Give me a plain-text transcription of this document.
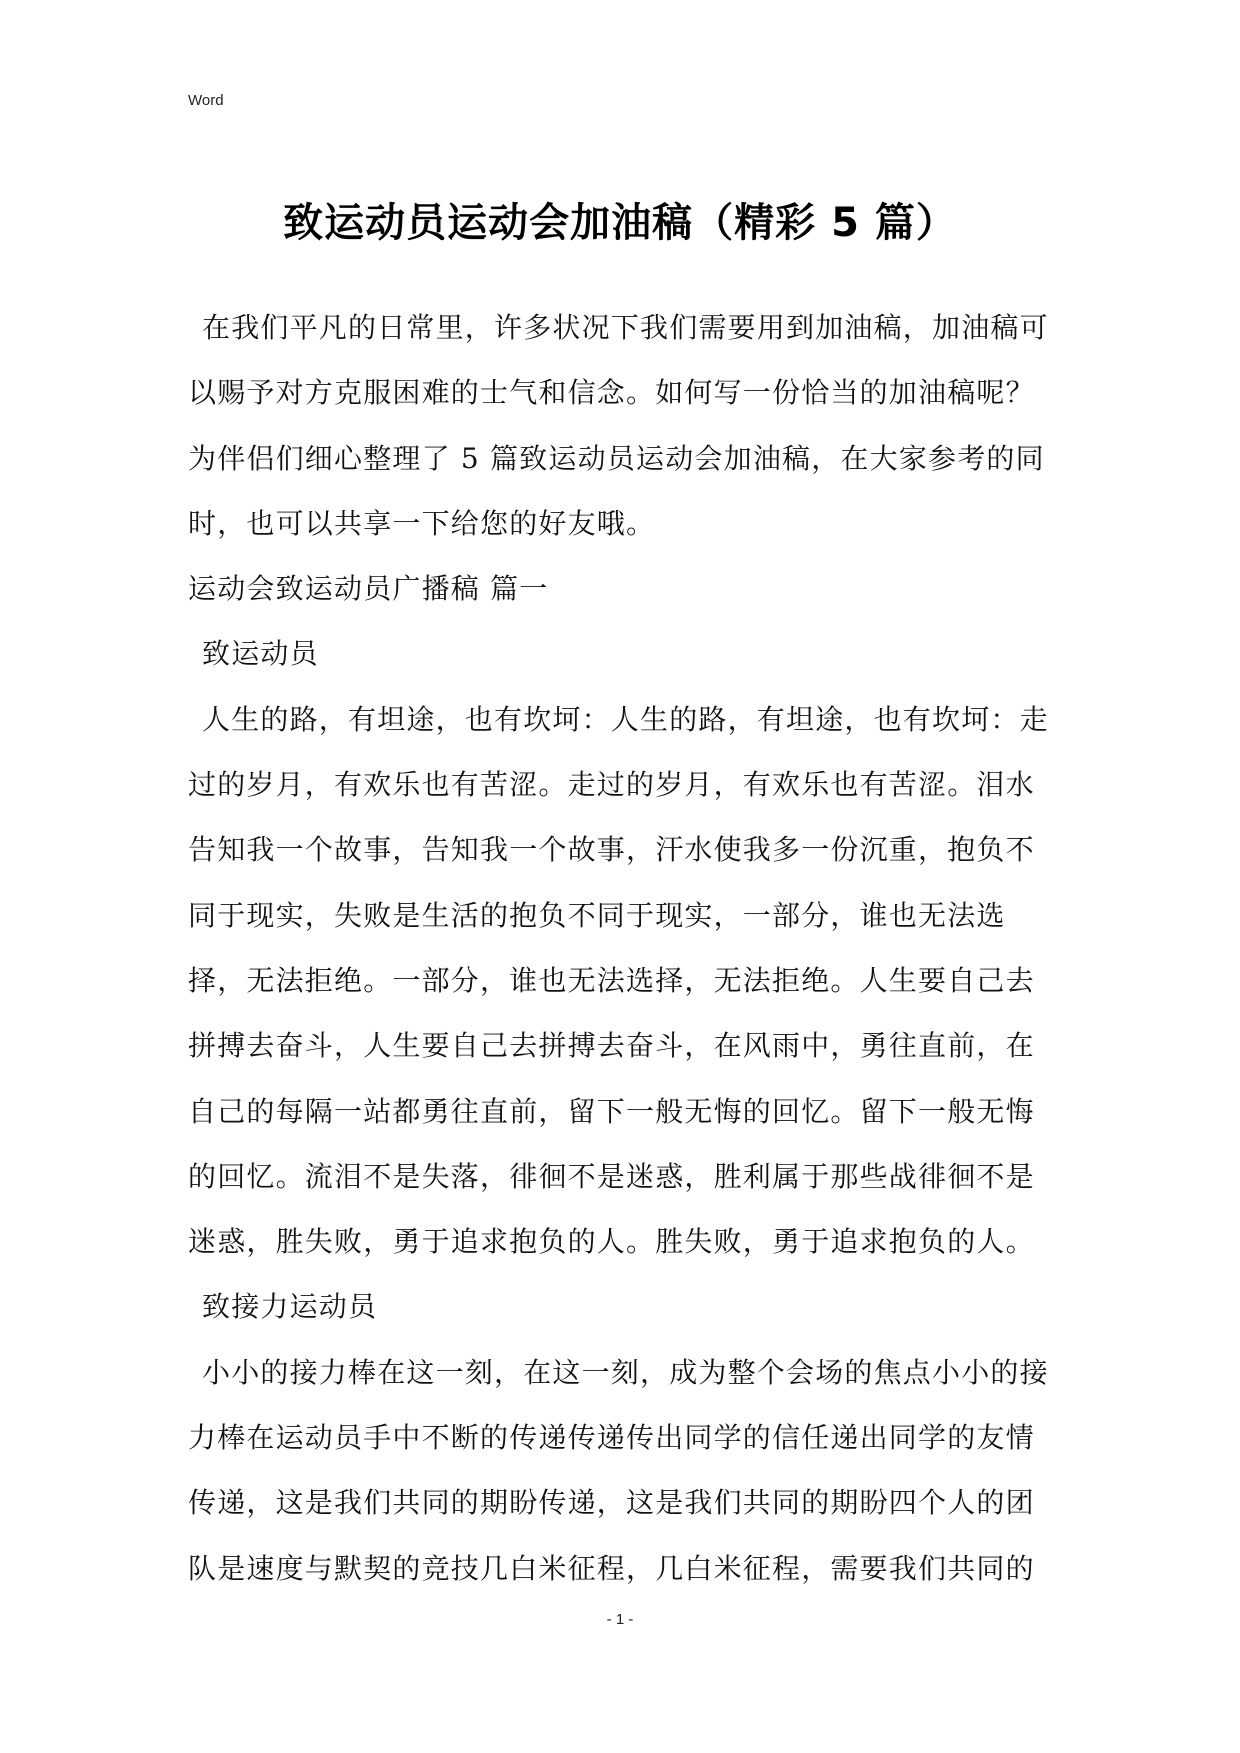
Word
致运动员运动会加油稿（精彩 5 篇）
在我们平凡的日常里，许多状况下我们需要用到加油稿，加油稿可
以赐予对方克服困难的士气和信念。如何写一份恰当的加油稿呢？
为伴侣们细心整理了 5 篇致运动员运动会加油稿，在大家参考的同
时，也可以共享一下给您的好友哦。
运动会致运动员广播稿 篇一
致运动员
人生的路，有坦途，也有坎坷：人生的路，有坦途，也有坎坷：走
过的岁月，有欢乐也有苦涩。走过的岁月，有欢乐也有苦涩。泪水
告知我一个故事，告知我一个故事，汗水使我多一份沉重，抱负不
同于现实，失败是生活的抱负不同于现实，一部分，谁也无法选
择，无法拒绝。一部分，谁也无法选择，无法拒绝。人生要自己去
拼搏去奋斗，人生要自己去拼搏去奋斗，在风雨中，勇往直前，在
自己的每隔一站都勇往直前，留下一般无悔的回忆。留下一般无悔
的回忆。流泪不是失落，徘徊不是迷惑，胜利属于那些战徘徊不是
迷惑，胜失败，勇于追求抱负的人。胜失败，勇于追求抱负的人。
致接力运动员
小小的接力棒在这一刻，在这一刻，成为整个会场的焦点小小的接
力棒在运动员手中不断的传递传递传出同学的信任递出同学的友情
传递，这是我们共同的期盼传递，这是我们共同的期盼四个人的团
队是速度与默契的竞技几白米征程，几白米征程，需要我们共同的
- 1 -
